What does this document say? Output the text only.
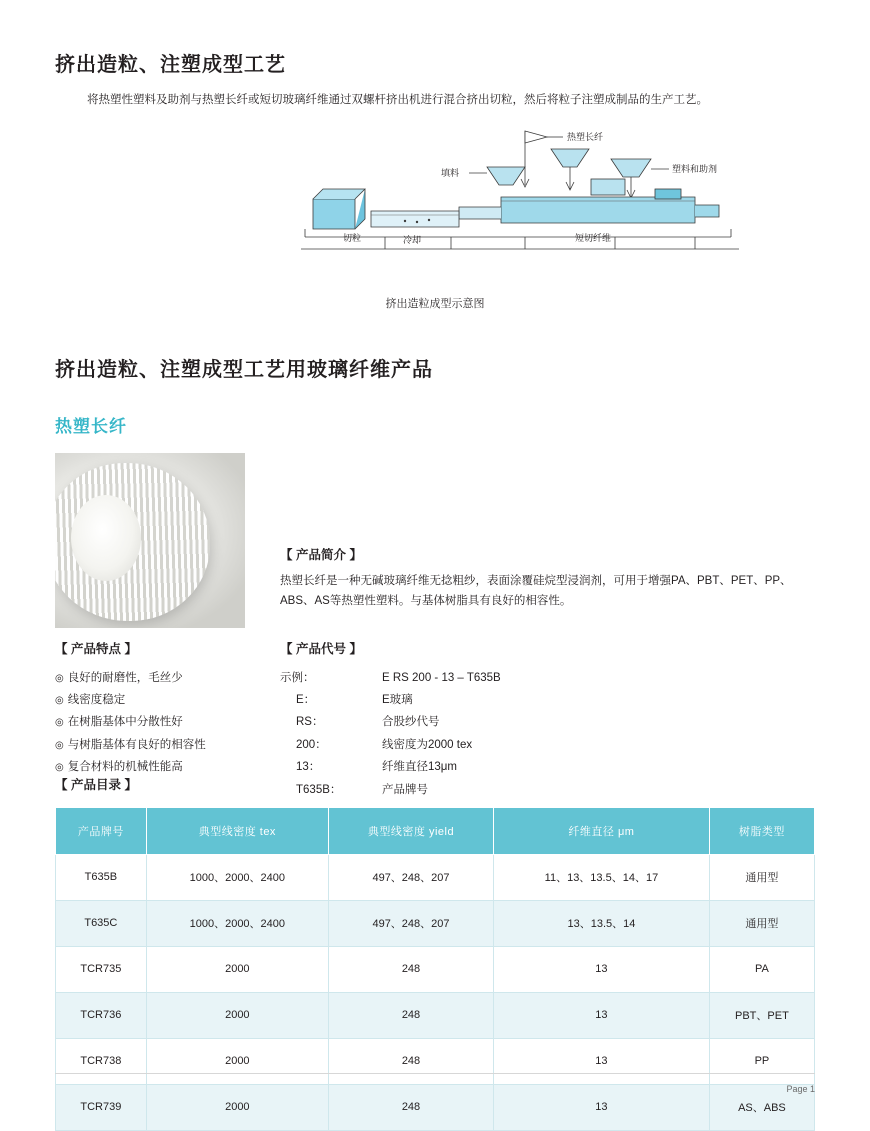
挤出造粒、注塑成型工艺

将热塑性塑料及助剂与热塑长纤或短切玻璃纤维通过双螺杆挤出机进行混合挤出切粒，然后将粒子注塑成制品的生产工艺。

热塑长纤
填料	塑料和助剂
切粒	冷却	短切纤维
挤出造粒成型示意图
挤出造粒、注塑成型工艺用玻璃纤维产品
热塑长纤
【 产品简介 】

热塑长纤是一种无碱玻璃纤维无捻粗纱，表面涂覆硅烷型浸润剂，可用于增强PA、PBT、PET、PP、ABS、AS等热塑性塑料。与基体树脂具有良好的相容性。

【 产品特点 】
◎ 良好的耐磨性，毛丝少
◎ 线密度稳定
◎ 在树脂基体中分散性好
◎ 与树脂基体有良好的相容性
◎ 复合材料的机械性能高
【 产品代号 】
示例：	E RS 200 ‐ 13 – T635B
E：	E玻璃
RS：	合股纱代号
200：	线密度为2000 tex
13：	纤维直径13μm
T635B：	产品牌号
【 产品目录 】
产品牌号	典型线密度 tex	典型线密度 yield	纤维直径 μm	树脂类型
T635B	1000、2000、2400	497、248、207	11、13、13.5、14、17	通用型
T635C	1000、2000、2400	497、248、207	13、13.5、14	通用型
TCR735	2000	248	13	PA
TCR736	2000	248	13	PBT、PET
TCR738	2000	248	13	PP
TCR739	2000	248	13	AS、ABS
Page 1
